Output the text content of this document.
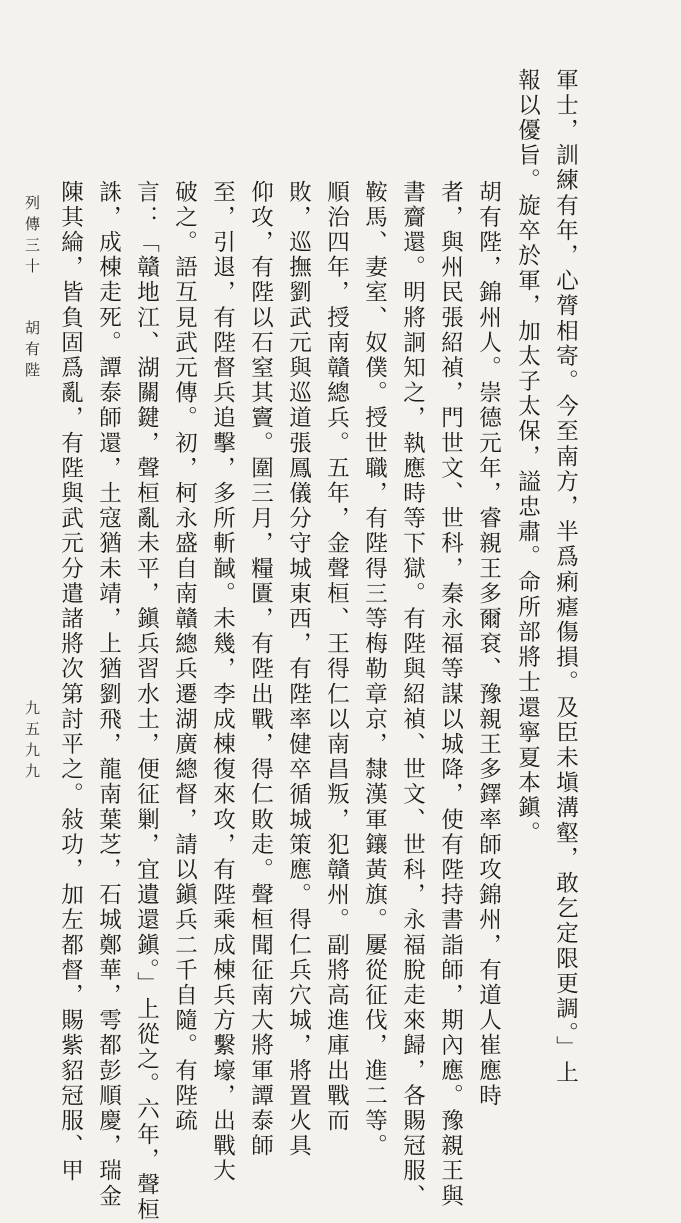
軍士，訓練有年，心膂相寄。今至南方，半爲痢瘧傷損。及臣未塡溝壑，敢乞定限更調。」上
報以優旨。旋卒於軍，加太子太保，謚忠肅。命所部將士還寧夏本鎭。
胡有陛，錦州人。崇德元年，睿親王多爾袞、豫親王多鐸率師攻錦州，有道人崔應時
者，與州民張紹禎，門世文、世科，秦永福等謀以城降，使有陛持書詣師，期內應。豫親王與
書齎還。明將詗知之，執應時等下獄。有陛與紹禎、世文、世科，永福脫走來歸，各賜冠服、
鞍馬、妻室、奴僕。授世職，有陛得三等梅勒章京，隸漢軍鑲黃旗。屢從征伐，進二等。
順治四年，授南贛總兵。五年，金聲桓、王得仁以南昌叛，犯贛州。副將高進庫出戰而
敗，巡撫劉武元與巡道張鳳儀分守城東西，有陛率健卒循城策應。得仁兵穴城，將置火具
仰攻，有陛以石窒其竇。圍三月，糧匱，有陛出戰，得仁敗走。聲桓聞征南大將軍譚泰師
至，引退，有陛督兵追擊，多所斬馘。未幾，李成棟復來攻，有陛乘成棟兵方繫壕，出戰大
破之。語互見武元傳。初，柯永盛自南贛總兵遷湖廣總督，請以鎭兵二千自隨。有陛疏
言：「贛地江、湖關鍵，聲桓亂未平，鎭兵習水土，便征剿，宜遺還鎭。」上從之。六年，聲桓
誅，成棟走死。譚泰師還，土寇猶未靖，上猶劉飛，龍南葉芝，石城鄭華，雩都彭順慶，瑞金
陳其綸，皆負固爲亂，有陛與武元分遣諸將次第討平之。敍功，加左都督，賜紫貂冠服、甲
列傳三十
胡有陛
九五九九
